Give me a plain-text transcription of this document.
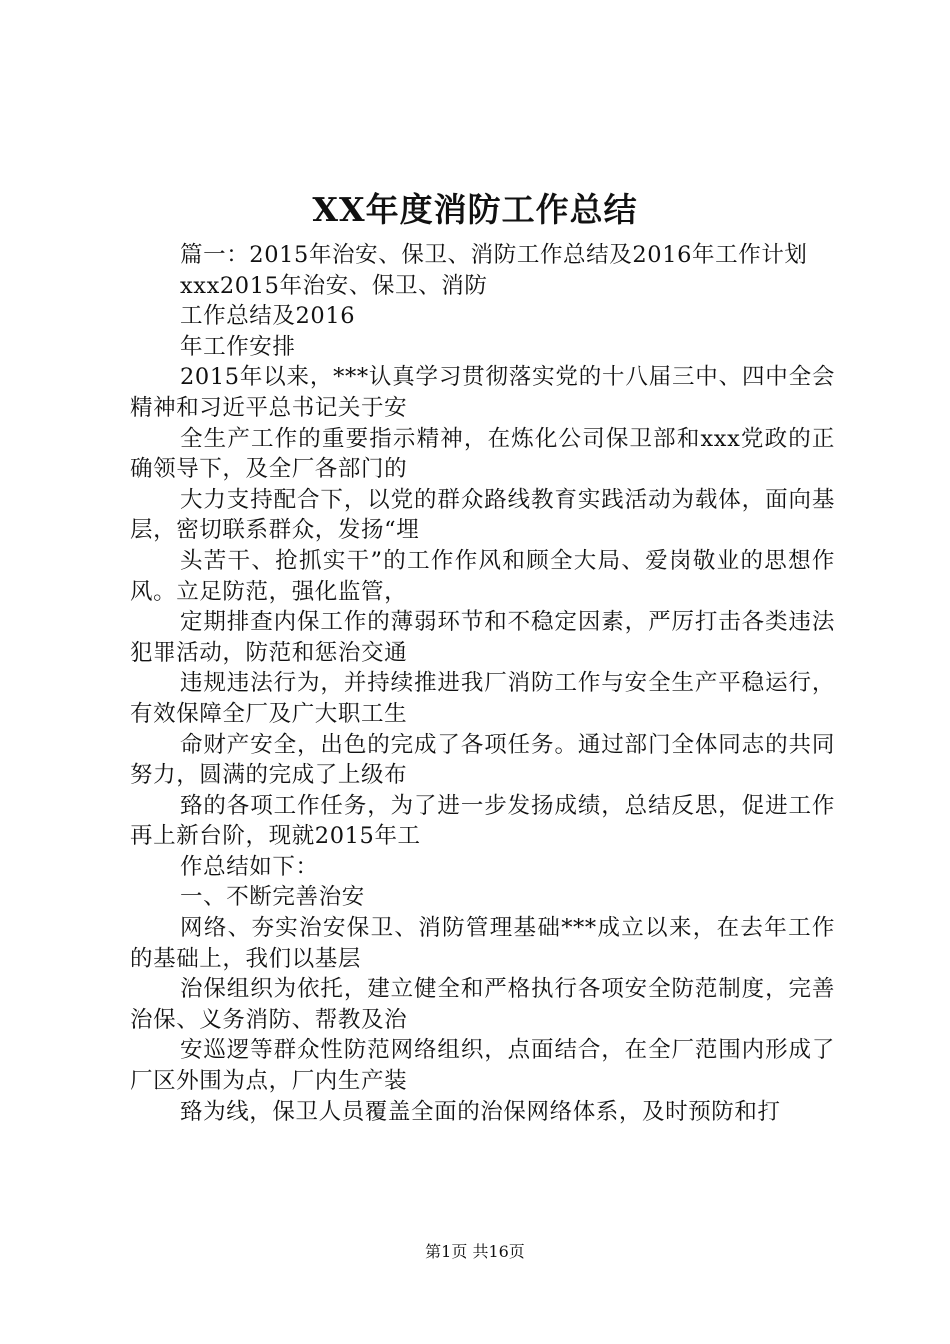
XX年度消防工作总结

篇一：2015年治安、保卫、消防工作总结及2016年工作计划

xxx2015年治安、保卫、消防

工作总结及2016

年工作安排

2015年以来，***认真学习贯彻落实党的十八届三中、四中全会精神和习近平总书记关于安

全生产工作的重要指示精神，在炼化公司保卫部和xxx党政的正确领导下，及全厂各部门的

大力支持配合下，以党的群众路线教育实践活动为载体，面向基层，密切联系群众，发扬“埋

头苦干、抢抓实干”的工作作风和顾全大局、爱岗敬业的思想作风。立足防范，强化监管，

定期排查内保工作的薄弱环节和不稳定因素，严厉打击各类违法犯罪活动，防范和惩治交通

违规违法行为，并持续推进我厂消防工作与安全生产平稳运行，有效保障全厂及广大职工生

命财产安全，出色的完成了各项任务。通过部门全体同志的共同努力，圆满的完成了上级布

臵的各项工作任务，为了进一步发扬成绩，总结反思，促进工作再上新台阶，现就2015年工

作总结如下：

一、不断完善治安

网络、夯实治安保卫、消防管理基础***成立以来，在去年工作的基础上，我们以基层

治保组织为依托，建立健全和严格执行各项安全防范制度，完善治保、义务消防、帮教及治

安巡逻等群众性防范网络组织，点面结合，在全厂范围内形成了厂区外围为点，厂内生产装

臵为线，保卫人员覆盖全面的治保网络体系，及时预防和打

第1页 共16页
